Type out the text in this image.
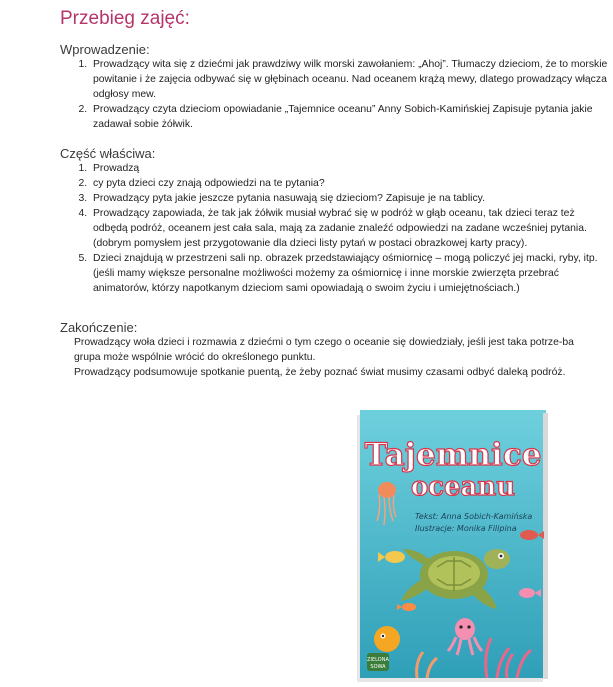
Przebieg zajęć:
Wprowadzenie:
1. Prowadzący wita się z dziećmi jak prawdziwy wilk morski zawołaniem: „Ahoj”. Tłumaczy dzieciom, że to morskie powitanie i że zajęcia odbywać się w głębinach oceanu. Nad oceanem krążą mewy, dlatego prowadzący włącza odgłosy mew.
2. Prowadzący czyta dzieciom opowiadanie „Tajemnice oceanu” Anny Sobich-Kamińskiej Zapisuje pytania jakie zadawał sobie żółwik.
Część właściwa:
1. Prowadzą
2. cy pyta dzieci czy znają odpowiedzi na te pytania?
3. Prowadzący pyta jakie jeszcze pytania nasuwają się dzieciom? Zapisuje je na tablicy.
4. Prowadzący zapowiada, że tak jak żółwik musiał wybrać się w podróż w głąb oceanu, tak dzieci teraz też odbędą podróż, oceanem jest cała sala, mają za zadanie znaleźć odpowiedzi na zadane wcześniej pytania. (dobrym pomysłem jest przygotowanie dla dzieci listy pytań w postaci obrazkowej karty pracy).
5. Dzieci znajdują w przestrzeni sali np. obrazek przedstawiający ośmiornicę – mogą policzyć jej macki, ryby, itp.
(jeśli mamy większe personalne możliwości możemy za ośmiornicę i inne morskie zwierzęta przebrać animatorów, którzy napotkanym dzieciom sami opowiadają o swoim życiu i umiejętnościach.)
Zakończenie:
Prowadzący woła dzieci i rozmawia z dziećmi o tym czego o oceanie się dowiedziały, jeśli jest taka potrze-ba grupa może wspólnie wrócić do określonego punktu.
Prowadzący podsumowuje spotkanie puentą, że żeby poznać świat musimy czasami odbyć daleką podróż.
Tajemnice
oceanu
Tekst: Anna Sobich-Kamińska
Ilustracje: Monika Filipina
ZIELONA
SOWA
